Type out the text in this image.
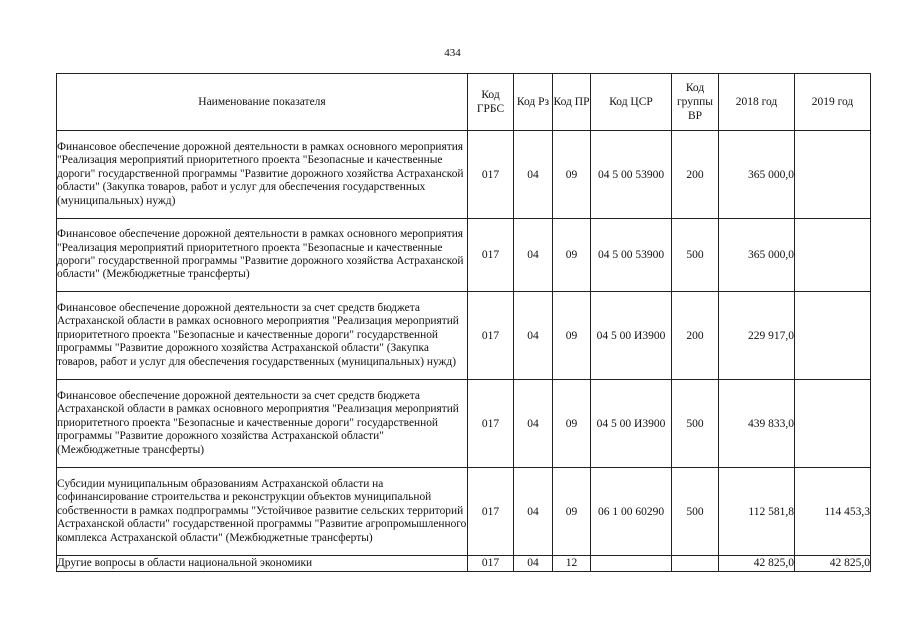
434
Наименование показателя	Код ГРБС	Код Рз	Код ПР	Код ЦСР	Код группы ВР	2018 год	2019 год
Финансовое обеспечение дорожной деятельности в рамках основного мероприятия "Реализация мероприятий приоритетного проекта "Безопасные и качественные дороги" государственной программы "Развитие дорожного хозяйства Астраханской области" (Закупка товаров, работ и услуг для обеспечения государственных (муниципальных) нужд)	017	04	09	04 5 00 53900	200	365 000,0	
Финансовое обеспечение дорожной деятельности в рамках основного мероприятия "Реализация мероприятий приоритетного проекта "Безопасные и качественные дороги" государственной программы "Развитие дорожного хозяйства Астраханской области" (Межбюджетные трансферты)	017	04	09	04 5 00 53900	500	365 000,0	
Финансовое обеспечение дорожной деятельности за счет средств бюджета Астраханской области в рамках основного мероприятия "Реализация мероприятий приоритетного проекта "Безопасные и качественные дороги" государственной программы "Развитие дорожного хозяйства Астраханской области" (Закупка товаров, работ и услуг для обеспечения государственных (муниципальных) нужд)	017	04	09	04 5 00 И3900	200	229 917,0	
Финансовое обеспечение дорожной деятельности за счет средств бюджета Астраханской области в рамках основного мероприятия "Реализация мероприятий приоритетного проекта "Безопасные и качественные дороги" государственной программы "Развитие дорожного хозяйства Астраханской области" (Межбюджетные трансферты)	017	04	09	04 5 00 И3900	500	439 833,0	
Субсидии муниципальным образованиям Астраханской области на софинансирование строительства и реконструкции объектов муниципальной собственности в рамках подпрограммы "Устойчивое развитие сельских территорий Астраханской области" государственной программы "Развитие агропромышленного комплекса Астраханской области" (Межбюджетные трансферты)	017	04	09	06 1 00 60290	500	112 581,8	114 453,3
Другие вопросы в области национальной экономики	017	04	12			42 825,0	42 825,0
